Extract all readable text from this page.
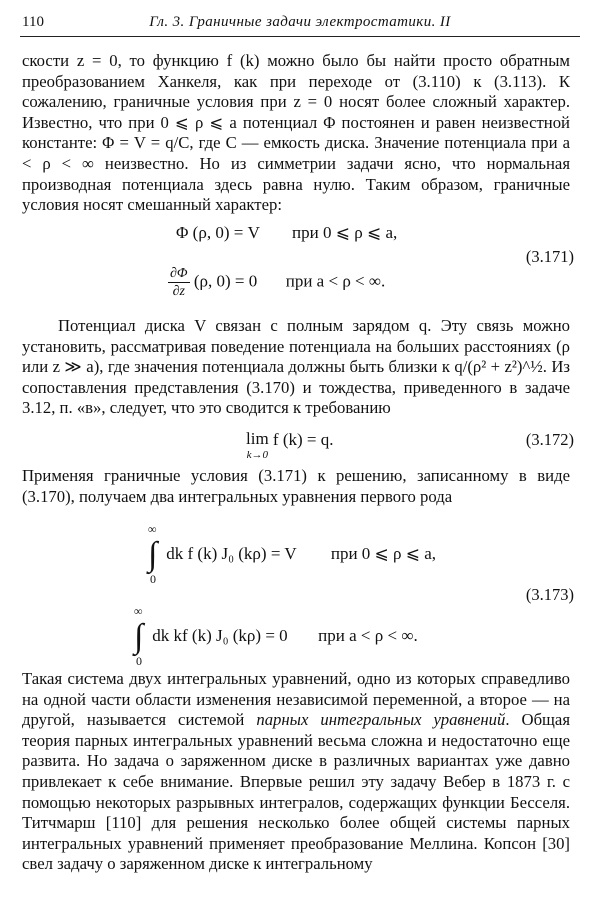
110	Гл. 3. Граничные задачи электростатики. II

скости z = 0, то функцию f (k) можно было бы найти просто обратным преобразованием Ханкеля, как при переходе от (3.110) к (3.113). К сожалению, граничные условия при z = 0 носят более сложный характер. Известно, что при 0 ⩽ ρ ⩽ a потенциал Φ постоянен и равен неизвестной константе: Φ = V = q/C, где C — емкость диска. Значение потенциала при a < ρ < ∞ неизвестно. Но из симметрии задачи ясно, что нормальная производная потенциала здесь равна нулю. Таким образом, граничные условия носят смешанный характер:

Φ (ρ, 0) = V при 0 ⩽ ρ ⩽ a,
(3.171)
$\frac{\partial\Phi}{\partial z} (\rho$, 0) = 0 при a < ρ < ∞.

Потенциал диска V связан с полным зарядом q. Эту связь можно установить, рассматривая поведение потенциала на больших расстояниях (ρ или z ≫ a), где значения потенциала должны быть близки к q/(ρ² + z²)^½. Из сопоставления представления (3.170) и тождества, приведенного в задаче 3.12, п. «в», следует, что это сводится к требованию

lim
k→0
f (k) = q.	(3.172)

Применяя граничные условия (3.171) к решению, записанному в виде (3.170), получаем два интегральных уравнения первого рода

∞
∫
0
dk f (k) J₀ (kρ) = V при 0 ⩽ ρ ⩽ a,
(3.173)
∞
∫
0
dk kf (k) J₀ (kρ) = 0 при a < ρ < ∞.

Такая система двух интегральных уравнений, одно из которых справедливо на одной части области изменения независимой переменной, а второе — на другой, называется системой парных интегральных уравнений. Общая теория парных интегральных уравнений весьма сложна и недостаточно еще развита. Но задача о заряженном диске в различных вариантах уже давно привлекает к себе внимание. Впервые решил эту задачу Вебер в 1873 г. с помощью некоторых разрывных интегралов, содержащих функции Бесселя. Титчмарш [110] для решения несколько более общей системы парных интегральных уравнений применяет преобразование Меллина. Копсон [30] свел задачу о заряженном диске к интегральному
